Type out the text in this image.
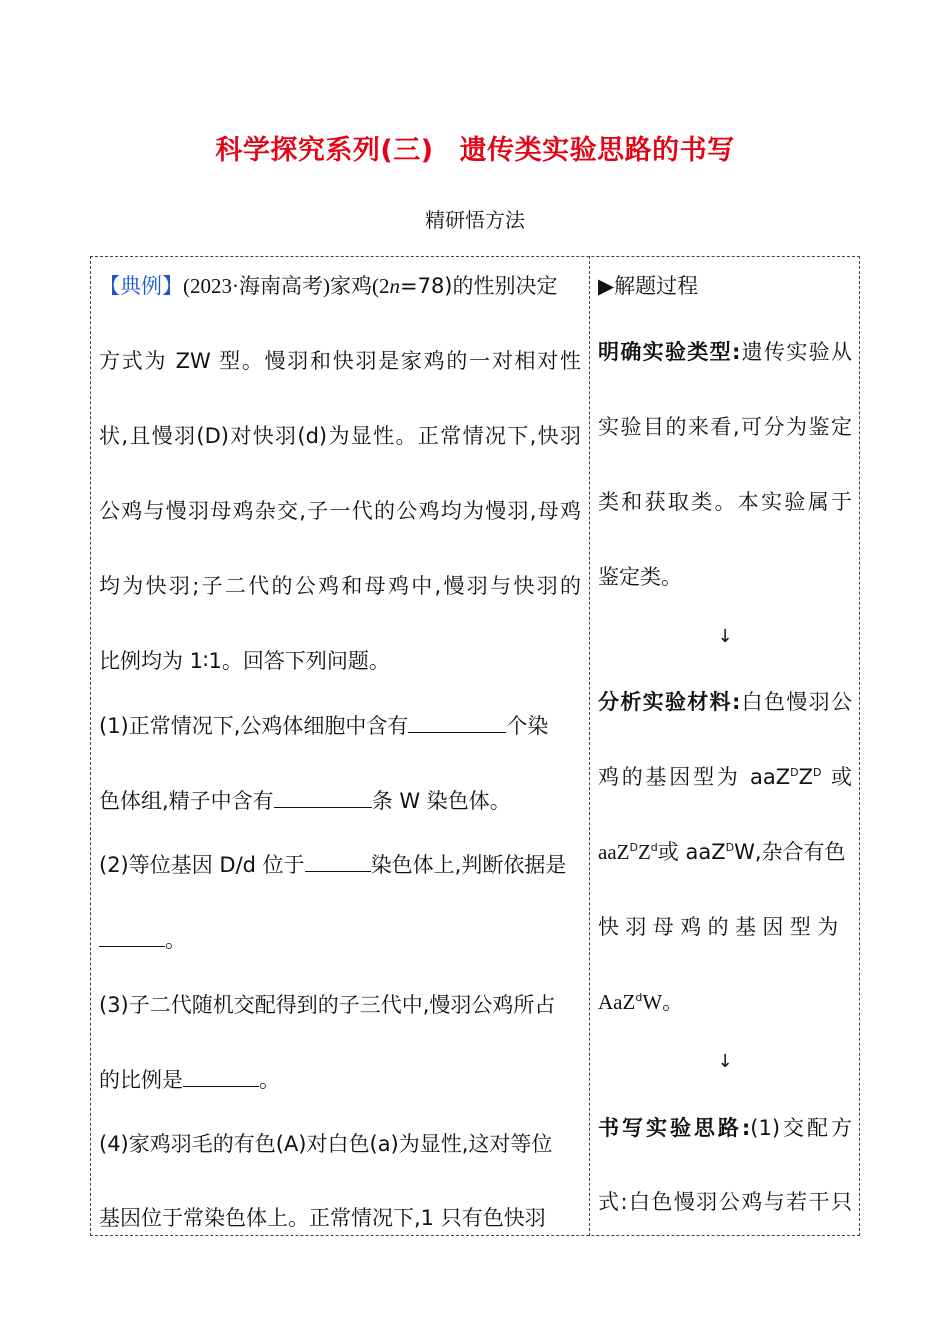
科学探究系列(三) 遗传类实验思路的书写
精研悟方法
【典例】(2023·海南高考)家鸡(2n=78)的性别决定
方式为 ZW 型。慢羽和快羽是家鸡的一对相对性
状,且慢羽(D)对快羽(d)为显性。正常情况下,快羽
公鸡与慢羽母鸡杂交,子一代的公鸡均为慢羽,母鸡
均为快羽;子二代的公鸡和母鸡中,慢羽与快羽的
比例均为 1∶1。回答下列问题。
(1)正常情况下,公鸡体细胞中含有	个染
色体组,精子中含有	条 W 染色体。
(2)等位基因 D/d 位于	染色体上,判断依据是
。
(3)子二代随机交配得到的子三代中,慢羽公鸡所占
的比例是	。
(4)家鸡羽毛的有色(A)对白色(a)为显性,这对等位
基因位于常染色体上。正常情况下,1 只有色快羽
▶解题过程
明确实验类型:遗传实验从
实验目的来看,可分为鉴定
类和获取类。本实验属于
鉴定类。
↓
分析实验材料:白色慢羽公
鸡的基因型为 $aaZ^DZ^D$ 或
$aaZ^DZ^d$或 aaZ$^D$W,杂合有色
快羽母鸡的基因型为
AaZ$^d$W。
↓
书写实验思路:(1)交配方
式:白色慢羽公鸡与若干只
